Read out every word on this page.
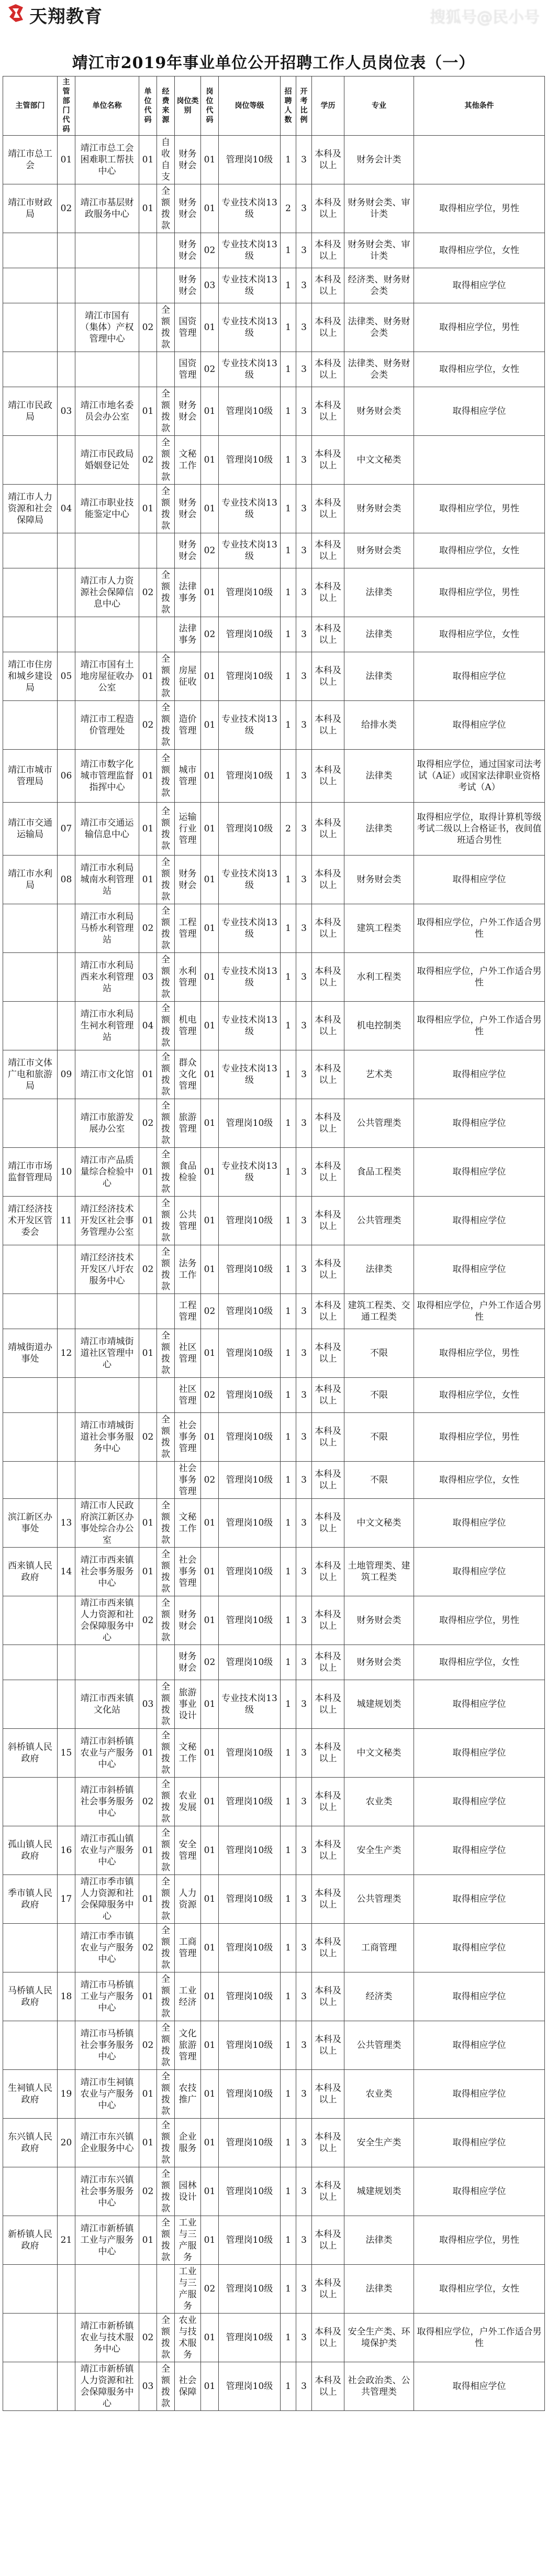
天翔教育	搜狐号@民小号
靖江市2019年事业单位公开招聘工作人员岗位表（一）
主管部门	主管部门代码	单位名称	单位代码	经费来源	岗位类别	岗位代码	岗位等级	招聘人数	开考比例	学历	专业	其他条件
靖江市总工会	01	靖江市总工会困难职工帮扶中心	01	自收自支	财务财会	01	管理岗10级	1	3	本科及以上	财务会计类	
靖江市财政局	02	靖江市基层财政服务中心	01	全额拨款	财务财会	01	专业技术岗13级	2	3	本科及以上	财务财会类、审计类	取得相应学位，男性
					财务财会	02	专业技术岗13级	1	3	本科及以上	财务财会类、审计类	取得相应学位，女性
					财务财会	03	专业技术岗13级	1	3	本科及以上	经济类、财务财会类	取得相应学位
		靖江市国有（集体）产权管理中心	02	全额拨款	国资管理	01	专业技术岗13级	1	3	本科及以上	法律类、财务财会类	取得相应学位，男性
					国资管理	02	专业技术岗13级	1	3	本科及以上	法律类、财务财会类	取得相应学位，女性
靖江市民政局	03	靖江市地名委员会办公室	01	全额拨款	财务财会	01	管理岗10级	1	3	本科及以上	财务财会类	取得相应学位
		靖江市民政局婚姻登记处	02	全额拨款	文秘工作	01	管理岗10级	1	3	本科及以上	中文文秘类	
靖江市人力资源和社会保障局	04	靖江市职业技能鉴定中心	01	全额拨款	财务财会	01	专业技术岗13级	1	3	本科及以上	财务财会类	取得相应学位，男性
					财务财会	02	专业技术岗13级	1	3	本科及以上	财务财会类	取得相应学位，女性
		靖江市人力资源社会保障信息中心	02	全额拨款	法律事务	01	管理岗10级	1	3	本科及以上	法律类	取得相应学位，男性
					法律事务	02	管理岗10级	1	3	本科及以上	法律类	取得相应学位，女性
靖江市住房和城乡建设局	05	靖江市国有土地房屋征收办公室	01	全额拨款	房屋征收	01	管理岗10级	1	3	本科及以上	法律类	取得相应学位
		靖江市工程造价管理处	02	全额拨款	造价管理	01	专业技术岗13级	1	3	本科及以上	给排水类	取得相应学位
靖江市城市管理局	06	靖江市数字化城市管理监督指挥中心	01	全额拨款	城市管理	01	管理岗10级	1	3	本科及以上	法律类	取得相应学位，通过国家司法考试（A证）或国家法律职业资格考试（A）
靖江市交通运输局	07	靖江市交通运输信息中心	01	全额拨款	运输行业管理	01	管理岗10级	2	3	本科及以上	法律类	取得相应学位，取得计算机等级考试二级以上合格证书，夜间值班适合男性
靖江市水利局	08	靖江市水利局城南水利管理站	01	全额拨款	财务财会	01	专业技术岗13级	1	3	本科及以上	财务财会类	取得相应学位
		靖江市水利局马桥水利管理站	02	全额拨款	工程管理	01	专业技术岗13级	1	3	本科及以上	建筑工程类	取得相应学位，户外工作适合男性
		靖江市水利局西来水利管理站	03	全额拨款	水利管理	01	专业技术岗13级	1	3	本科及以上	水利工程类	取得相应学位，户外工作适合男性
		靖江市水利局生祠水利管理站	04	全额拨款	机电管理	01	专业技术岗13级	1	3	本科及以上	机电控制类	取得相应学位，户外工作适合男性
靖江市文体广电和旅游局	09	靖江市文化馆	01	全额拨款	群众文化管理	01	专业技术岗13级	1	3	本科及以上	艺术类	取得相应学位
		靖江市旅游发展办公室	02	全额拨款	旅游管理	01	管理岗10级	1	3	本科及以上	公共管理类	取得相应学位
靖江市市场监督管理局	10	靖江市产品质量综合检验中心	01	全额拨款	食品检验	01	专业技术岗13级	1	3	本科及以上	食品工程类	取得相应学位
靖江经济技术开发区管委会	11	靖江经济技术开发区社会事务管理办公室	01	全额拨款	公共管理	01	管理岗10级	1	3	本科及以上	公共管理类	取得相应学位
		靖江经济技术开发区八圩农服务中心	02	全额拨款	法务工作	01	管理岗10级	1	3	本科及以上	法律类	取得相应学位
					工程管理	02	管理岗10级	1	3	本科及以上	建筑工程类、交通工程类	取得相应学位，户外工作适合男性
靖城街道办事处	12	靖江市靖城街道社区管理中心	01	全额拨款	社区管理	01	管理岗10级	1	3	本科及以上	不限	取得相应学位，男性
					社区管理	02	管理岗10级	1	3	本科及以上	不限	取得相应学位，女性
		靖江市靖城街道社会事务服务中心	02	全额拨款	社会事务管理	01	管理岗10级	1	3	本科及以上	不限	取得相应学位，男性
					社会事务管理	02	管理岗10级	1	3	本科及以上	不限	取得相应学位，女性
滨江新区办事处	13	靖江市人民政府滨江新区办事处综合办公室	01	全额拨款	文秘工作	01	管理岗10级	1	3	本科及以上	中文文秘类	取得相应学位
西来镇人民政府	14	靖江市西来镇社会事务服务中心	01	全额拨款	社会事务管理	01	管理岗10级	1	3	本科及以上	土地管理类、建筑工程类	取得相应学位
		靖江市西来镇人力资源和社会保障服务中心	02	全额拨款	财务财会	01	管理岗10级	1	3	本科及以上	财务财会类	取得相应学位，男性
					财务财会	02	管理岗10级	1	3	本科及以上	财务财会类	取得相应学位，女性
		靖江市西来镇文化站	03	全额拨款	旅游事业设计	01	专业技术岗13级	1	3	本科及以上	城建规划类	取得相应学位
斜桥镇人民政府	15	靖江市斜桥镇农业与产服务中心	01	全额拨款	文秘工作	01	管理岗10级	1	3	本科及以上	中文文秘类	取得相应学位
		靖江市斜桥镇社会事务服务中心	02	全额拨款	农业发展	01	管理岗10级	1	3	本科及以上	农业类	取得相应学位
孤山镇人民政府	16	靖江市孤山镇农业与产服务中心	01	全额拨款	安全管理	01	管理岗10级	1	3	本科及以上	安全生产类	取得相应学位
季市镇人民政府	17	靖江市季市镇人力资源和社会保障服务中心	01	全额拨款	人力资源	01	管理岗10级	1	3	本科及以上	公共管理类	取得相应学位
		靖江市季市镇农业与产服务中心	02	全额拨款	工商管理	01	管理岗10级	1	3	本科及以上	工商管理	取得相应学位
马桥镇人民政府	18	靖江市马桥镇工业与产服务中心	01	全额拨款	工业经济	01	管理岗10级	1	3	本科及以上	经济类	取得相应学位
		靖江市马桥镇社会事务服务中心	02	全额拨款	文化旅游管理	01	管理岗10级	1	3	本科及以上	公共管理类	取得相应学位
生祠镇人民政府	19	靖江市生祠镇农业与产服务中心	01	全额拨款	农技推广	01	管理岗10级	1	3	本科及以上	农业类	取得相应学位
东兴镇人民政府	20	靖江市东兴镇企业服务中心	01	全额拨款	企业服务	01	管理岗10级	1	3	本科及以上	安全生产类	取得相应学位
		靖江市东兴镇社会事务服务中心	02	全额拨款	园林设计	01	管理岗10级	1	3	本科及以上	城建规划类	取得相应学位
新桥镇人民政府	21	靖江市新桥镇工业与产服务中心	01	全额拨款	工业与三产服务	01	管理岗10级	1	3	本科及以上	法律类	取得相应学位，男性
					工业与三产服务	02	管理岗10级	1	3	本科及以上	法律类	取得相应学位，女性
		靖江市新桥镇农业与技术服务中心	02	全额拨款	农业与技术服务	01	管理岗10级	1	3	本科及以上	安全生产类、环境保护类	取得相应学位，户外工作适合男性
		靖江市新桥镇人力资源和社会保障服务中心	03	全额拨款	社会保障	01	管理岗10级	1	3	本科及以上	社会政治类、公共管理类	取得相应学位
